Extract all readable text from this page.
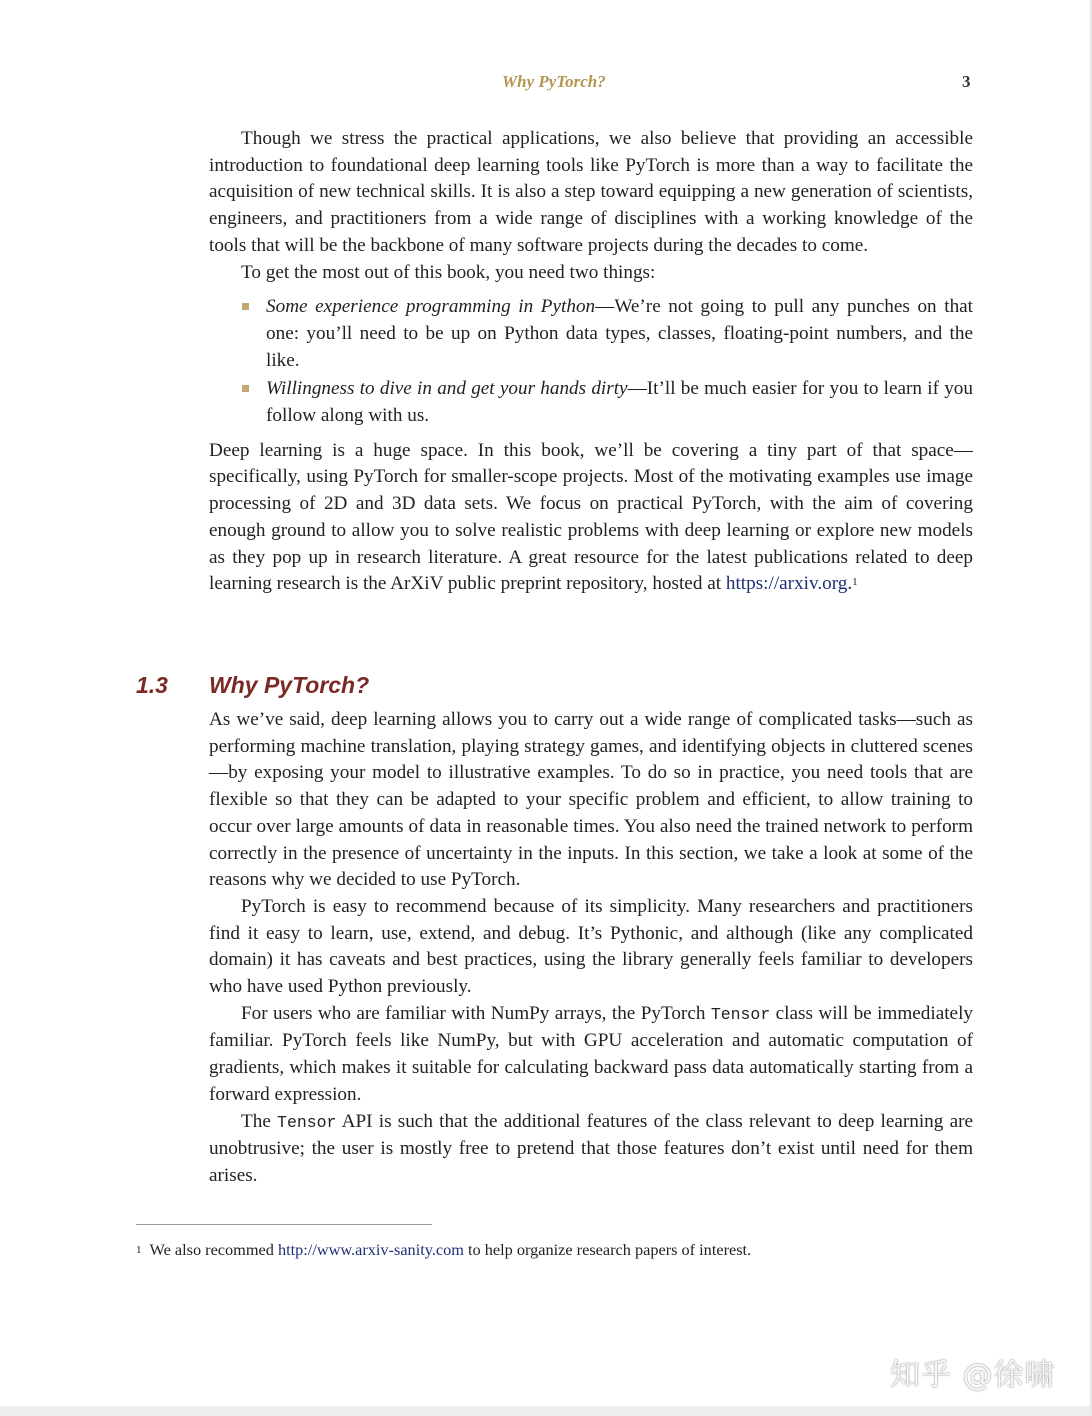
Why PyTorch?	3

Though we stress the practical applications, we also believe that providing an accessible introduction to foundational deep learning tools like PyTorch is more than a way to facilitate the acquisition of new technical skills. It is also a step toward equipping a new generation of scientists, engineers, and practitioners from a wide range of disciplines with a working knowledge of the tools that will be the backbone of many software projects during the decades to come.

To get the most out of this book, you need two things:

Some experience programming in Python—We’re not going to pull any punches on that one: you’ll need to be up on Python data types, classes, floating-point numbers, and the like.
Willingness to dive in and get your hands dirty—It’ll be much easier for you to learn if you follow along with us.

Deep learning is a huge space. In this book, we’ll be covering a tiny part of that space—specifically, using PyTorch for smaller-scope projects. Most of the motivating examples use image processing of 2D and 3D data sets. We focus on practical PyTorch, with the aim of covering enough ground to allow you to solve realistic problems with deep learning or explore new models as they pop up in research literature. A great resource for the latest publications related to deep learning research is the ArXiV public preprint repository, hosted at https://arxiv.org.$^1$

1.3 Why PyTorch?

As we’ve said, deep learning allows you to carry out a wide range of complicated tasks—such as performing machine translation, playing strategy games, and identifying objects in cluttered scenes—by exposing your model to illustrative examples. To do so in practice, you need tools that are flexible so that they can be adapted to your specific problem and efficient, to allow training to occur over large amounts of data in reasonable times. You also need the trained network to perform correctly in the presence of uncertainty in the inputs. In this section, we take a look at some of the reasons why we decided to use PyTorch.

PyTorch is easy to recommend because of its simplicity. Many researchers and practitioners find it easy to learn, use, extend, and debug. It’s Pythonic, and although (like any complicated domain) it has caveats and best practices, using the library generally feels familiar to developers who have used Python previously.

For users who are familiar with NumPy arrays, the PyTorch Tensor class will be immediately familiar. PyTorch feels like NumPy, but with GPU acceleration and automatic computation of gradients, which makes it suitable for calculating backward pass data automatically starting from a forward expression.

The Tensor API is such that the additional features of the class relevant to deep learning are unobtrusive; the user is mostly free to pretend that those features don’t exist until need for them arises.

$^1$ We also recommed http://www.arxiv-sanity.com to help organize research papers of interest.
知乎 @徐啸
